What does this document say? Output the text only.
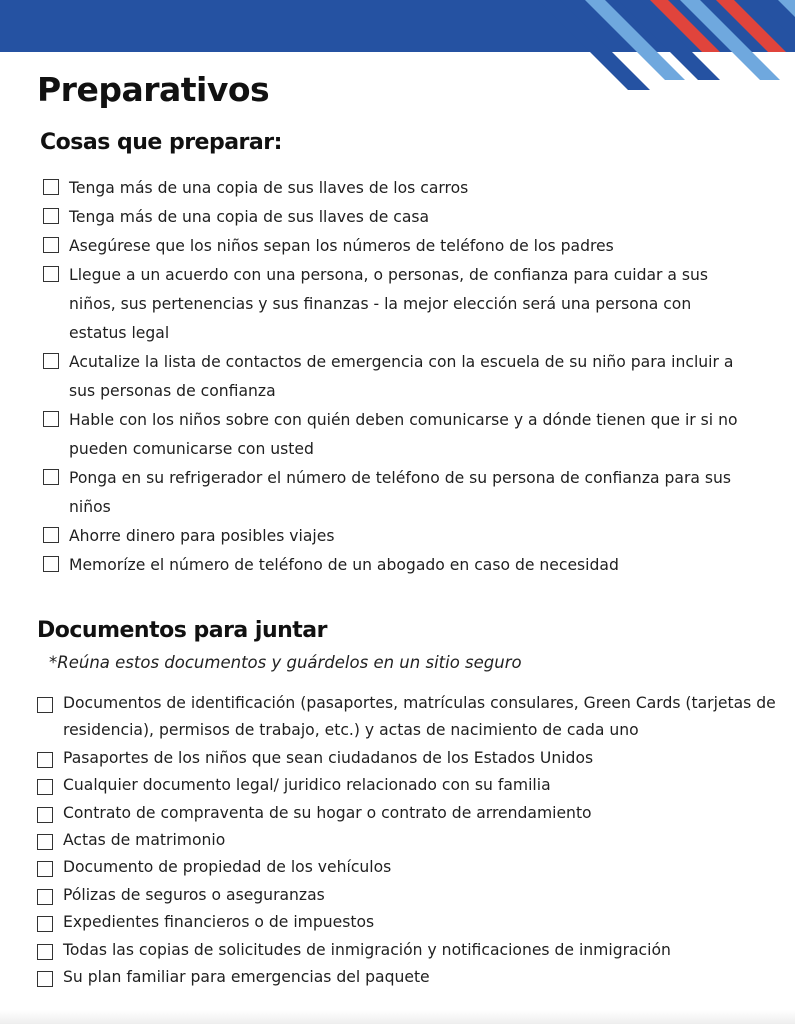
Preparativos
Cosas que preparar:
Tenga más de una copia de sus llaves de los carros
Tenga más de una copia de sus llaves de casa
Asegúrese que los niños sepan los números de teléfono de los padres
Llegue a un acuerdo con una persona, o personas, de confianza para cuidar a sus niños, sus pertenencias y sus finanzas - la mejor elección será una persona con estatus legal
Acutalize la lista de contactos de emergencia con la escuela de su niño para incluir a sus personas de confianza
Hable con los niños sobre con quién deben comunicarse y a dónde tienen que ir si no pueden comunicarse con usted
Ponga en su refrigerador el número de teléfono de su persona de confianza para sus niños
Ahorre dinero para posibles viajes
Memoríze el número de teléfono de un abogado en caso de necesidad
Documentos para juntar

*Reúna estos documentos y guárdelos en un sitio seguro

Documentos de identificación (pasaportes, matrículas consulares, Green Cards (tarjetas de residencia), permisos de trabajo, etc.) y actas de nacimiento de cada uno
Pasaportes de los niños que sean ciudadanos de los Estados Unidos
Cualquier documento legal/ juridico relacionado con su familia
Contrato de compraventa de su hogar o contrato de arrendamiento
Actas de matrimonio
Documento de propiedad de los vehículos
Pólizas de seguros o aseguranzas
Expedientes financieros o de impuestos
Todas las copias de solicitudes de inmigración y notificaciones de inmigración
Su plan familiar para emergencias del paquete
